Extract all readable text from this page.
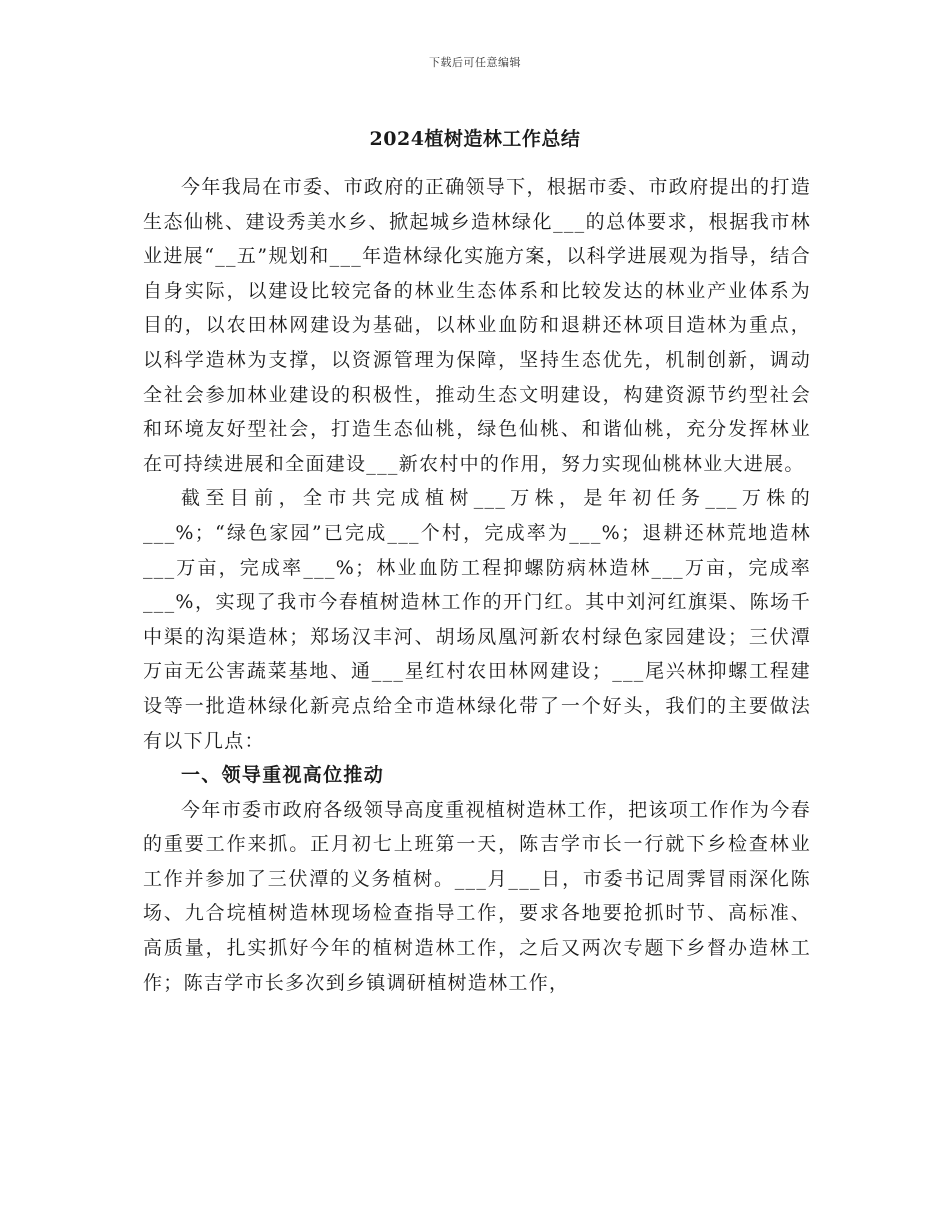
下载后可任意编辑
2024植树造林工作总结

今年我局在市委、市政府的正确领导下，根据市委、市政府提出的打造生态仙桃、建设秀美水乡、掀起城乡造林绿化___的总体要求，根据我市林业进展“__五”规划和___年造林绿化实施方案，以科学进展观为指导，结合自身实际，以建设比较完备的林业生态体系和比较发达的林业产业体系为目的，以农田林网建设为基础，以林业血防和退耕还林项目造林为重点，以科学造林为支撑，以资源管理为保障，坚持生态优先，机制创新，调动全社会参加林业建设的积极性，推动生态文明建设，构建资源节约型社会和环境友好型社会，打造生态仙桃，绿色仙桃、和谐仙桃，充分发挥林业在可持续进展和全面建设___新农村中的作用，努力实现仙桃林业大进展。

截至目前，全市共完成植树___万株，是年初任务___万株的___%；“绿色家园”已完成___个村，完成率为___%；退耕还林荒地造林___万亩，完成率___%；林业血防工程抑螺防病林造林___万亩，完成率___%，实现了我市今春植树造林工作的开门红。其中刘河红旗渠、陈场千中渠的沟渠造林；郑场汉丰河、胡场凤凰河新农村绿色家园建设；三伏潭万亩无公害蔬菜基地、通___星红村农田林网建设；___尾兴林抑螺工程建设等一批造林绿化新亮点给全市造林绿化带了一个好头，我们的主要做法有以下几点：

一、领导重视高位推动

今年市委市政府各级领导高度重视植树造林工作，把该项工作作为今春的重要工作来抓。正月初七上班第一天，陈吉学市长一行就下乡检查林业工作并参加了三伏潭的义务植树。___月___日，市委书记周霁冒雨深化陈场、九合垸植树造林现场检查指导工作，要求各地要抢抓时节、高标准、高质量，扎实抓好今年的植树造林工作，之后又两次专题下乡督办造林工作；陈吉学市长多次到乡镇调研植树造林工作，
